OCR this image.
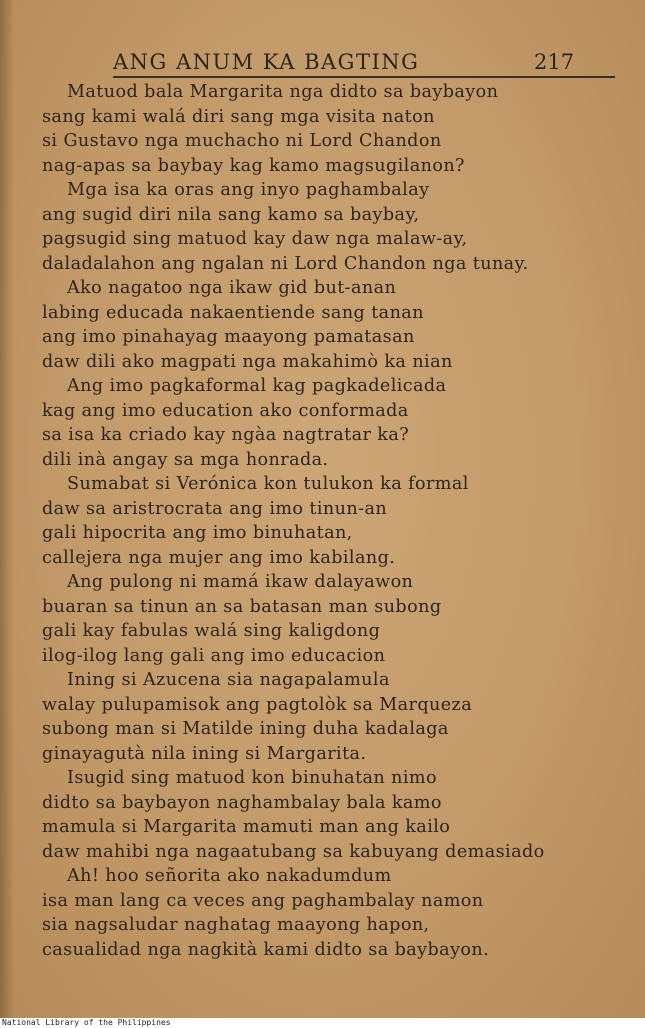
ANG ANUM KA BAGTING	217
Matuod bala Margarita nga didto sa baybayon
sang kami walá diri sang mga visita naton
si Gustavo nga muchacho ni Lord Chandon
nag-apas sa baybay kag kamo magsugilanon?
Mga isa ka oras ang inyo paghambalay
ang sugid diri nila sang kamo sa baybay,
pagsugid sing matuod kay daw nga malaw-ay,
daladalahon ang ngalan ni Lord Chandon nga tunay.
Ako nagatoo nga ikaw gid but-anan
labing educada nakaentiende sang tanan
ang imo pinahayag maayong pamatasan
daw dili ako magpati nga makahimò ka nian
Ang imo pagkaformal kag pagkadelicada
kag ang imo education ako conformada
sa isa ka criado kay ngàa nagtratar ka?
dili inà angay sa mga honrada.
Sumabat si Verónica kon tulukon ka formal
daw sa aristrocrata ang imo tinun-an
gali hipocrita ang imo binuhatan,
callejera nga mujer ang imo kabilang.
Ang pulong ni mamá ikaw dalayawon
buaran sa tinun an sa batasan man subong
gali kay fabulas walá sing kaligdong
ilog-ilog lang gali ang imo educacion
Ining si Azucena sia nagapalamula
walay pulupamisok ang pagtolòk sa Marqueza
subong man si Matilde ining duha kadalaga
ginayagutà nila ining si Margarita.
Isugid sing matuod kon binuhatan nimo
didto sa baybayon naghambalay bala kamo
mamula si Margarita mamuti man ang kailo
daw mahibi nga nagaatubang sa kabuyang demasiado
Ah! hoo señorita ako nakadumdum
isa man lang ca veces ang paghambalay namon
sia nagsaludar naghatag maayong hapon,
casualidad nga nagkità kami didto sa baybayon.
National Library of the Philippines
